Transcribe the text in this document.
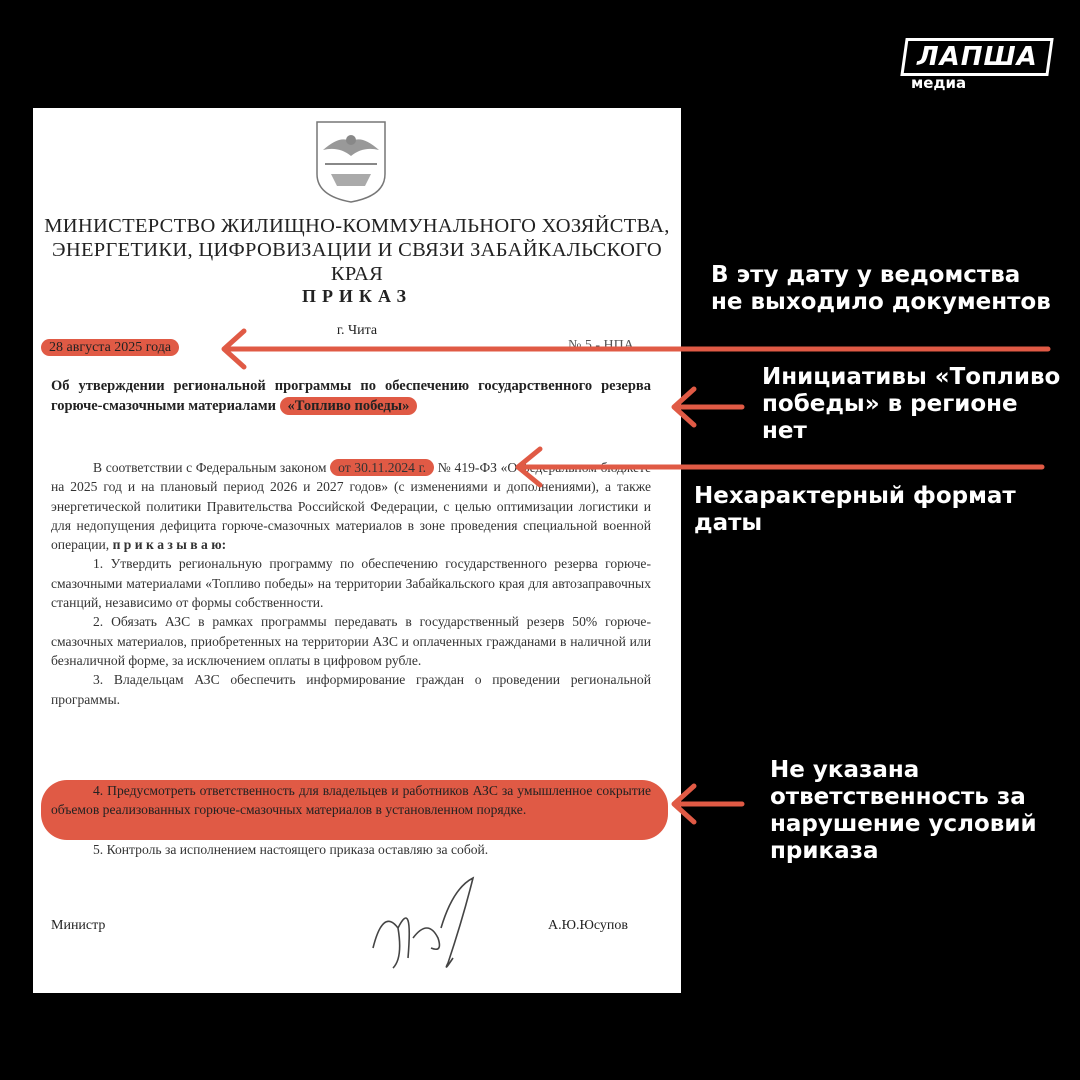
ЛАПША
медиа
МИНИСТЕРСТВО ЖИЛИЩНО-КОММУНАЛЬНОГО ХОЗЯЙСТВА, ЭНЕРГЕТИКИ, ЦИФРОВИЗАЦИИ И СВЯЗИ ЗАБАЙКАЛЬСКОГО КРАЯ
ПРИКАЗ
г. Чита
28 августа 2025 года	№ 5 - НПА
Об утверждении региональной программы по обеспечению государственного резерва горюче-смазочными материалами «Топливо победы»

В соответствии с Федеральным законом от 30.11.2024 г. № 419-ФЗ «О федеральном бюджете на 2025 год и на плановый период 2026 и 2027 годов» (с изменениями и дополнениями), а также энергетической политики Правительства Российской Федерации, с целью оптимизации логистики и для недопущения дефицита горюче-смазочных материалов в зоне проведения специальной военной операции, п р и к а з ы в а ю:

1. Утвердить региональную программу по обеспечению государственного резерва горюче-смазочными материалами «Топливо победы» на территории Забайкальского края для автозаправочных станций, независимо от формы собственности.

2. Обязать АЗС в рамках программы передавать в государственный резерв 50% горюче-смазочных материалов, приобретенных на территории АЗС и оплаченных гражданами в наличной или безналичной форме, за исключением оплаты в цифровом рубле.

3. Владельцам АЗС обеспечить информирование граждан о проведении региональной программы.

4. Предусмотреть ответственность для владельцев и работников АЗС за умышленное сокрытие объемов реализованных горюче-смазочных материалов в установленном порядке.

5. Контроль за исполнением настоящего приказа оставляю за собой.

Министр	А.Ю.Юсупов
В эту дату у ведомства не выходило документов
Инициативы «Топливо победы» в регионе нет
Нехарактерный формат даты
Не указана ответственность за нарушение условий приказа
